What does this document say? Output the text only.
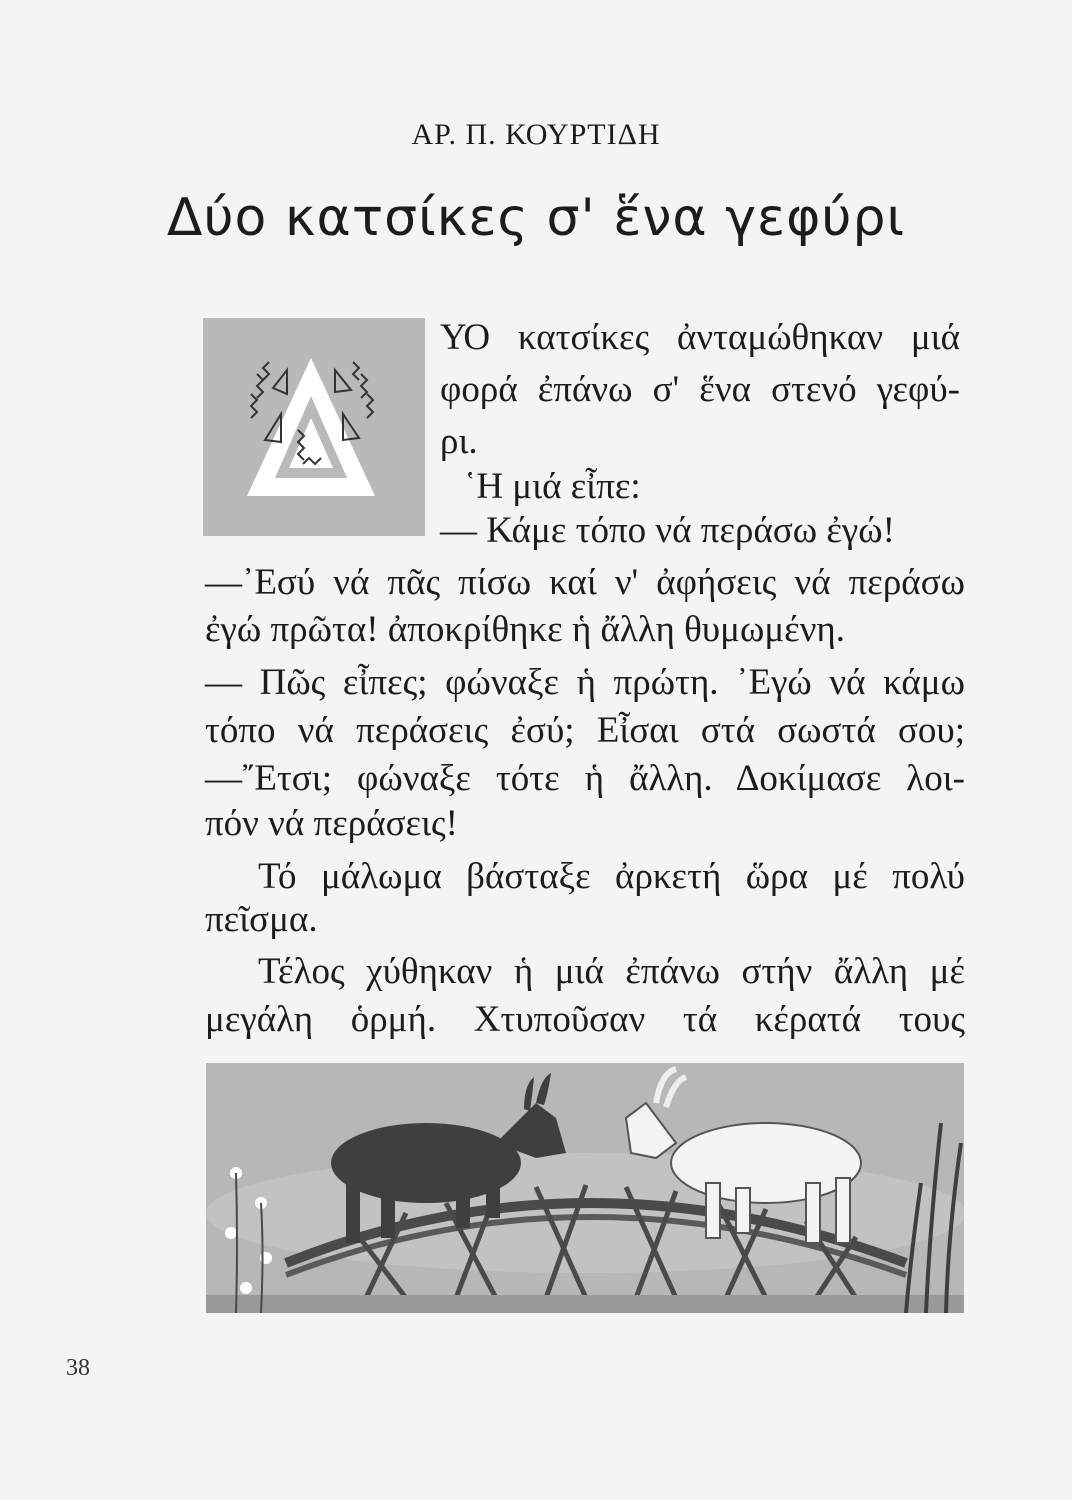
ΑΡ. Π. ΚΟΥΡΤΙΔΗ
Δύο κατσίκες σ' ἕνα γεφύρι
ΥΟ κατσίκες ἀνταμώθηκαν μιά
φορά ἐπάνω σ' ἕνα στενό γεφύ-
ρι.
῾Η μιά εἶπε:
— Κάμε τόπο νά περάσω ἐγώ!
—᾽Εσύ νά πᾶς πίσω καί ν' ἀφήσεις νά περάσω
ἐγώ πρῶτα! ἀποκρίθηκε ἡ ἄλλη θυμωμένη.
— Πῶς εἶπες; φώναξε ἡ πρώτη. ᾽Εγώ νά κάμω
τόπο νά περάσεις ἐσύ; Εἶσαι στά σωστά σου;
—῎Ετσι; φώναξε τότε ἡ ἄλλη. Δοκίμασε λοι-
πόν νά περάσεις!
Τό μάλωμα βάσταξε ἀρκετή ὥρα μέ πολύ
πεῖσμα.
Τέλος χύθηκαν ἡ μιά ἐπάνω στήν ἄλλη μέ
μεγάλη ὁρμή. Χτυποῦσαν τά κέρατά τους
38
